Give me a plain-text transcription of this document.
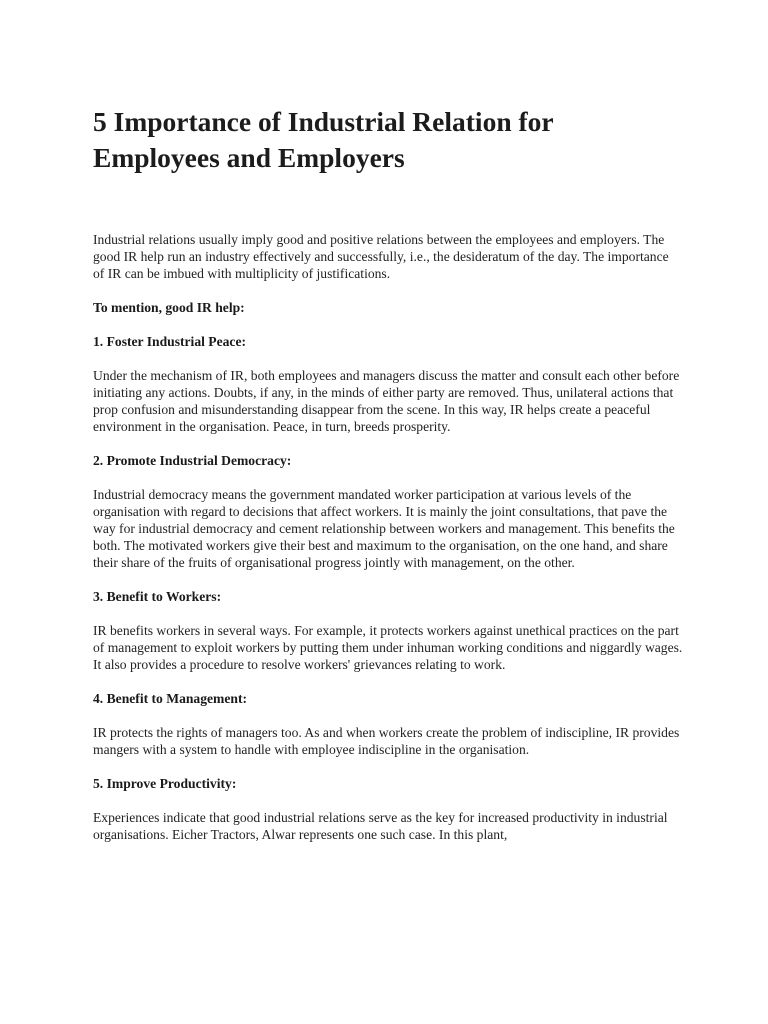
5 Importance of Industrial Relation for Employees and Employers

Industrial relations usually imply good and positive relations between the employees and employers. The good IR help run an industry effectively and successfully, i.e., the desideratum of the day. The importance of IR can be imbued with multiplicity of justifications.

To mention, good IR help:

1. Foster Industrial Peace:

Under the mechanism of IR, both employees and managers discuss the matter and consult each other before initiating any actions. Doubts, if any, in the minds of either party are removed. Thus, unilateral actions that prop confusion and misunderstanding disappear from the scene. In this way, IR helps create a peaceful environment in the organisation. Peace, in turn, breeds prosperity.

2. Promote Industrial Democracy:

Industrial democracy means the government mandated worker participation at various levels of the organisation with regard to decisions that affect workers. It is mainly the joint consultations, that pave the way for industrial democracy and cement relationship between workers and management. This benefits the both. The motivated workers give their best and maximum to the organisation, on the one hand, and share their share of the fruits of organisational progress jointly with management, on the other.

3. Benefit to Workers:

IR benefits workers in several ways. For example, it protects workers against unethical practices on the part of management to exploit workers by putting them under inhuman working conditions and niggardly wages. It also provides a procedure to resolve workers' grievances relating to work.

4. Benefit to Management:

IR protects the rights of managers too. As and when workers create the problem of indiscipline, IR provides mangers with a system to handle with employee indiscipline in the organisation.

5. Improve Productivity:

Experiences indicate that good industrial relations serve as the key for increased productivity in industrial organisations. Eicher Tractors, Alwar represents one such case. In this plant,
